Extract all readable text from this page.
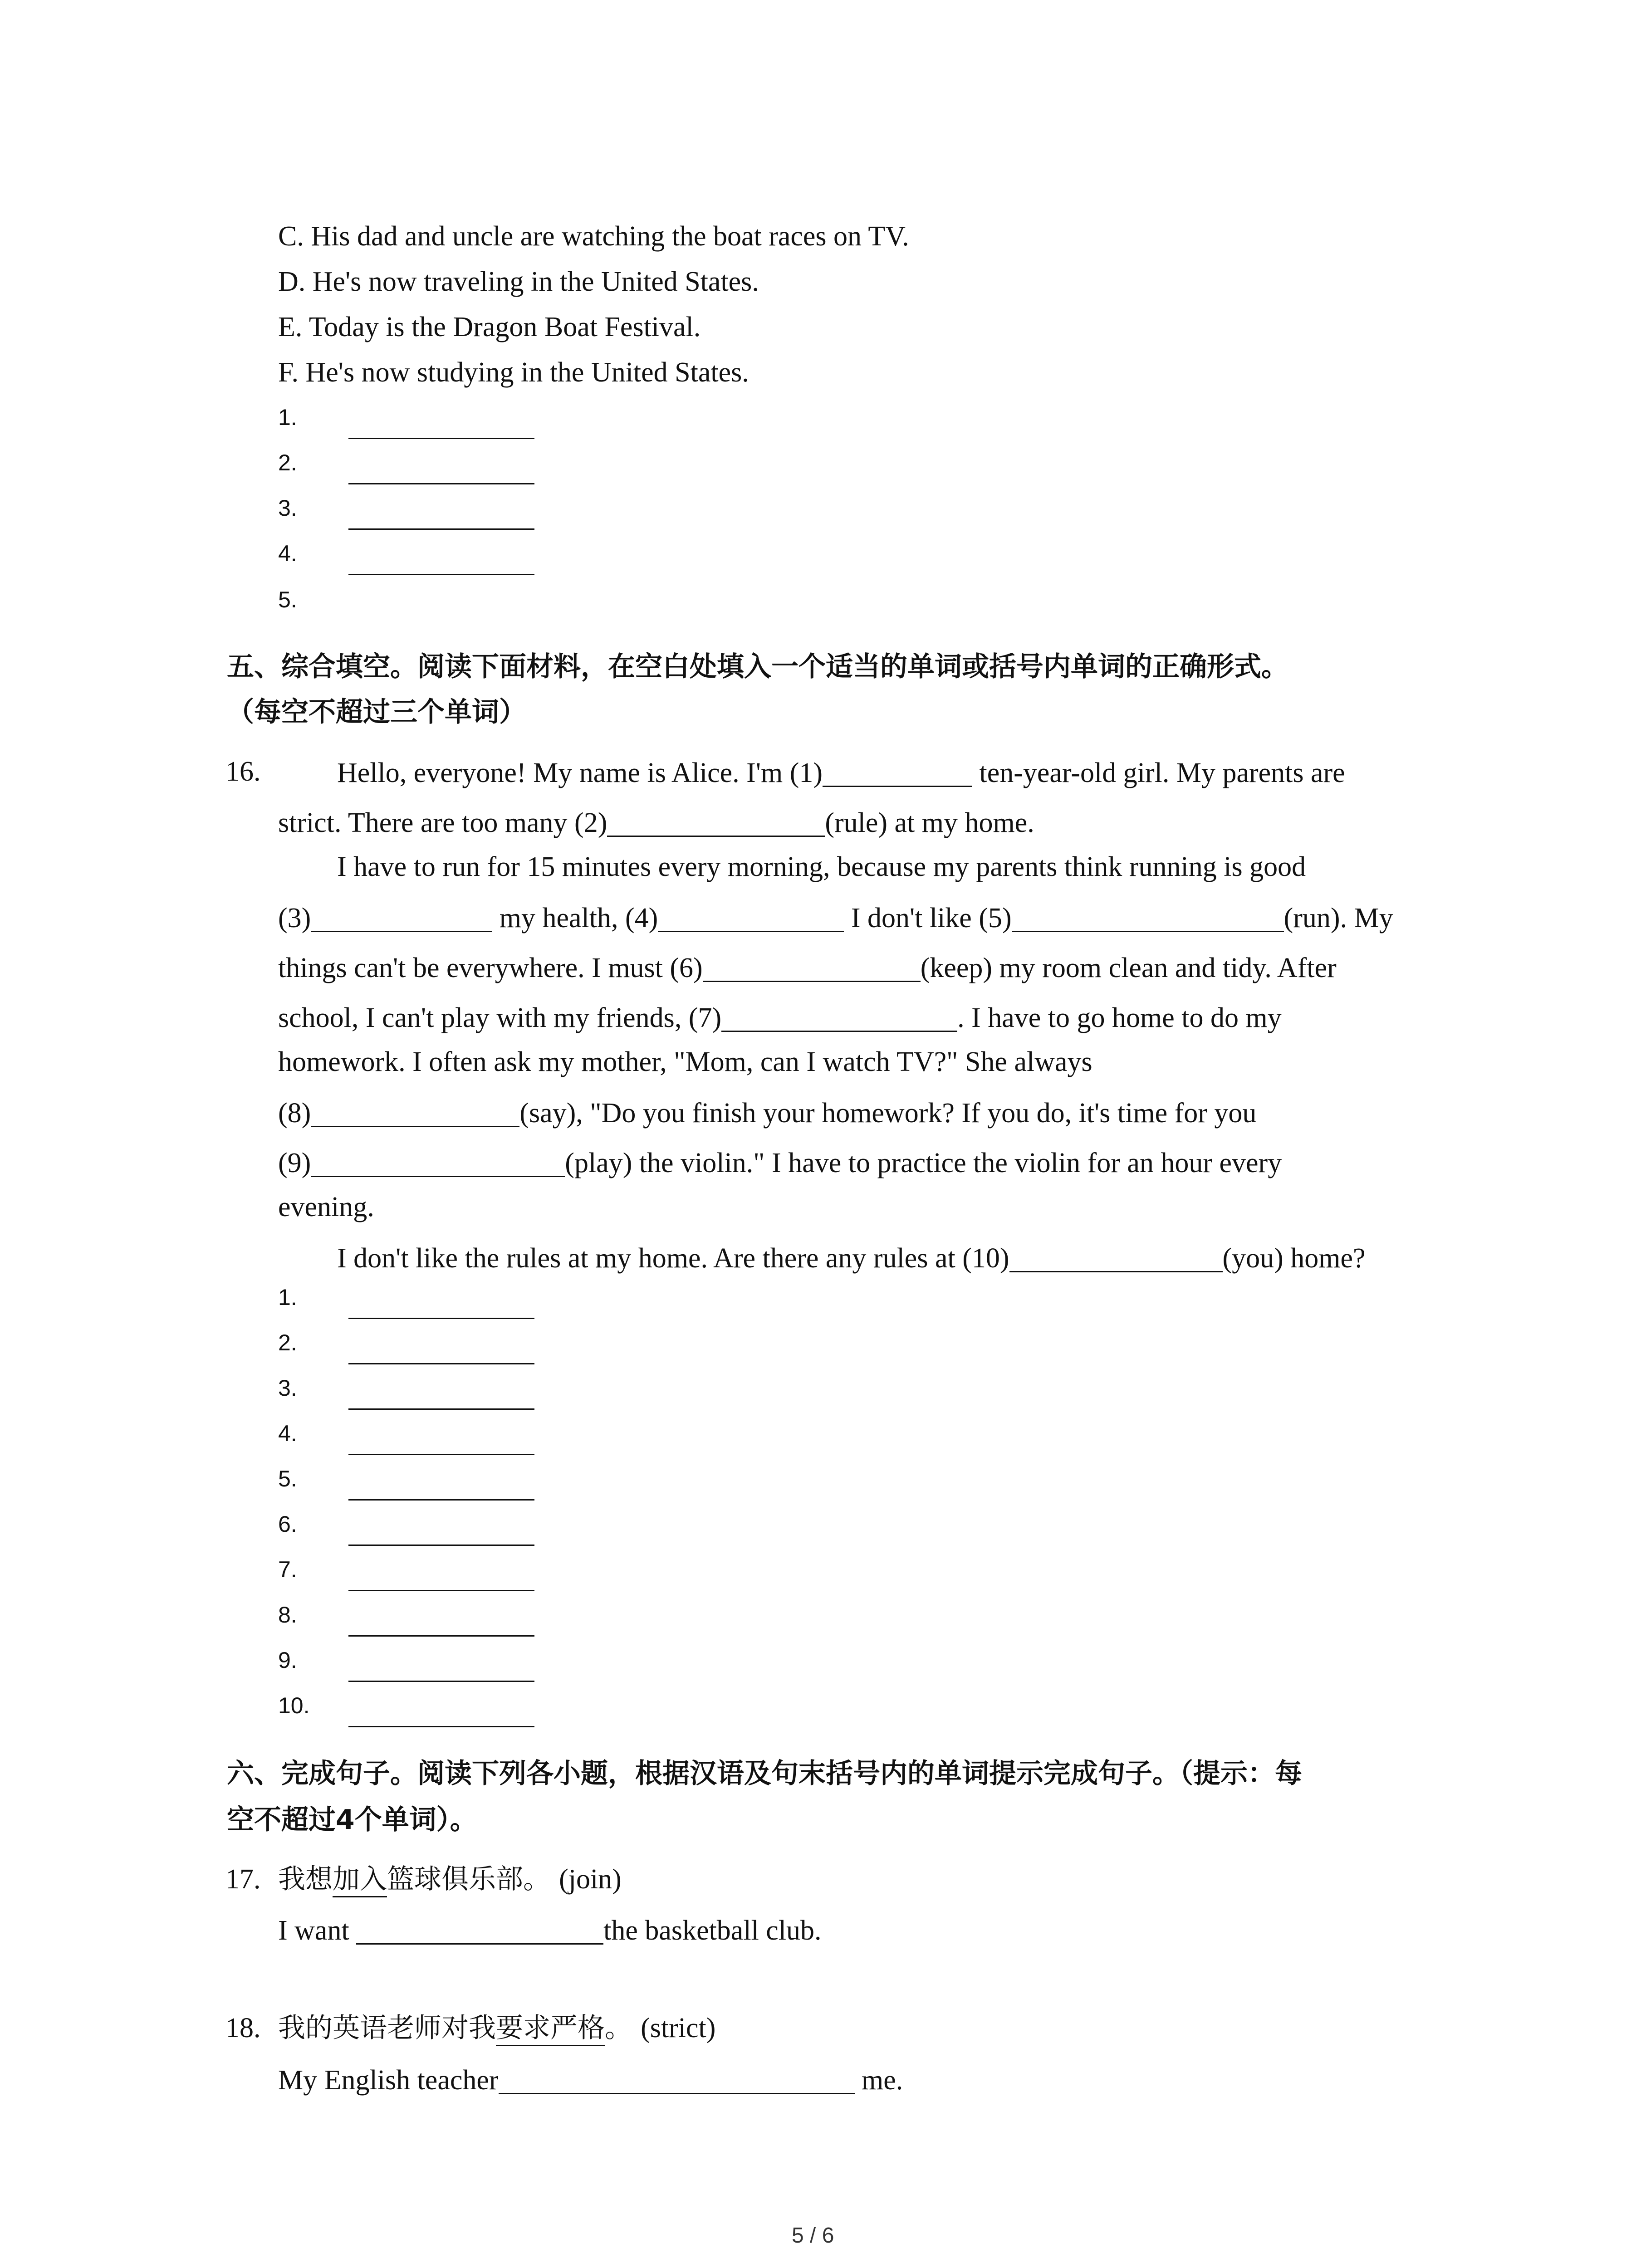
C. His dad and uncle are watching the boat races on TV.
D. He's now traveling in the United States.
E. Today is the Dragon Boat Festival.
F. He's now studying in the United States.
1.
2.
3.
4.
5.
五、综合填空。阅读下面材料，在空白处填入一个适当的单词或括号内单词的正确形式。
（每空不超过三个单词）
16.	Hello, everyone! My name is Alice. I'm (1)	ten-year-old girl. My parents are
strict. There are too many (2)	(rule) at my home.
I have to run for 15 minutes every morning, because my parents think running is good
(3)	my health, (4)	I don't like (5)	(run). My
things can't be everywhere. I must (6)	(keep) my room clean and tidy. After
school, I can't play with my friends, (7)	. I have to go home to do my
homework. I often ask my mother, "Mom, can I watch TV?" She always
(8)	(say), "Do you finish your homework? If you do, it's time for you
(9)	(play) the violin." I have to practice the violin for an hour every
evening.
I don't like the rules at my home. Are there any rules at (10)	(you) home?
1.
2.
3.
4.
5.
6.
7.
8.
9.
10.
六、完成句子。阅读下列各小题，根据汉语及句末括号内的单词提示完成句子。（提示：每
空不超过4个单词）。
17. 我想加入篮球俱乐部。 (join)
I want	the basketball club.
18. 我的英语老师对我要求严格。 (strict)
My English teacher	me.
5 / 6
